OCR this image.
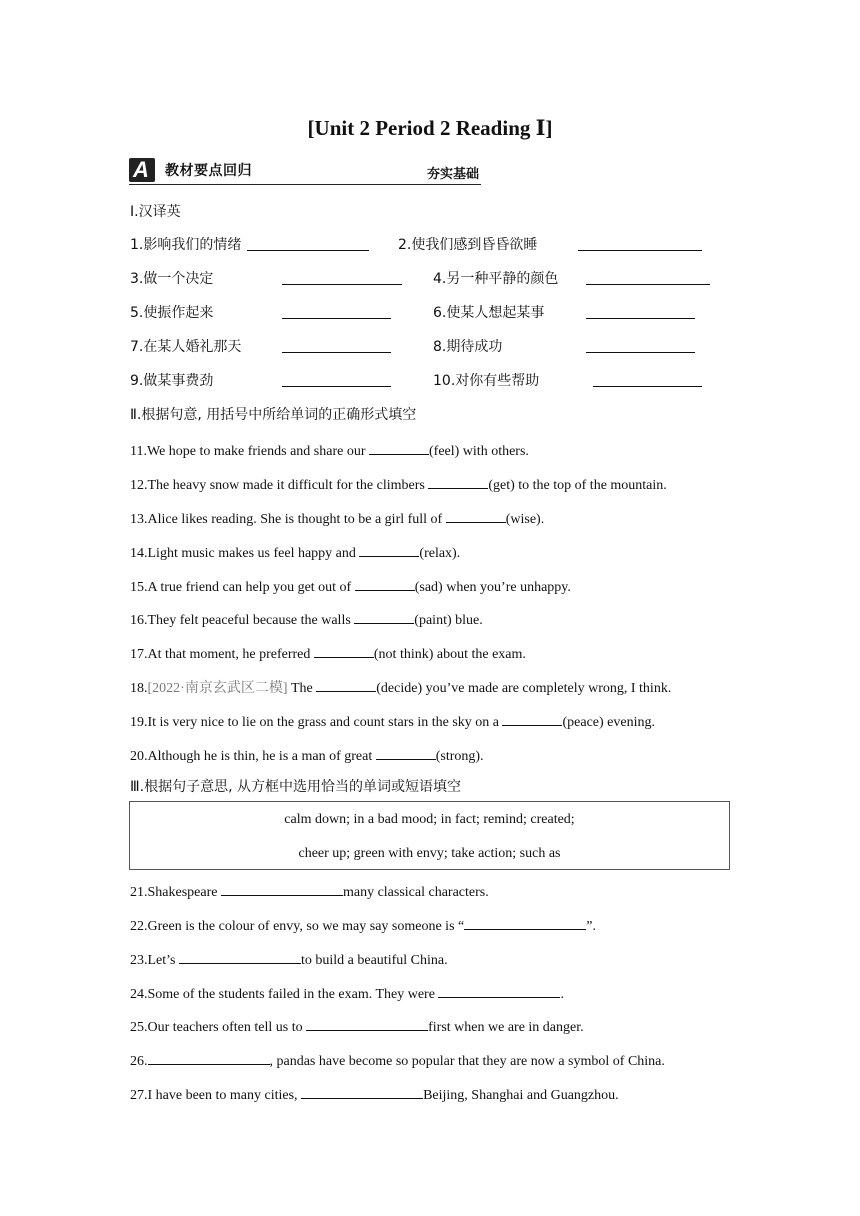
[Unit 2 Period 2 Reading Ⅰ]
A 教材要点回归	夯实基础
Ⅰ.汉译英
1.影响我们的情绪	2.使我们感到昏昏欲睡
3.做一个决定	4.另一种平静的颜色
5.使振作起来	6.使某人想起某事
7.在某人婚礼那天	8.期待成功
9.做某事费劲	10.对你有些帮助
Ⅱ.根据句意, 用括号中所给单词的正确形式填空
11.We hope to make friends and share our	(feel) with others.
12.The heavy snow made it difficult for the climbers	(get) to the top of the mountain.
13.Alice likes reading. She is thought to be a girl full of	(wise).
14.Light music makes us feel happy and	(relax).
15.A true friend can help you get out of	(sad) when you’re unhappy.
16.They felt peaceful because the walls	(paint) blue.
17.At that moment, he preferred	(not think) about the exam.
18.[2022·南京玄武区二模] The	(decide) you’ve made are completely wrong, I think.
19.It is very nice to lie on the grass and count stars in the sky on a	(peace) evening.
20.Although he is thin, he is a man of great	(strong).
Ⅲ.根据句子意思, 从方框中选用恰当的单词或短语填空
calm down; in a bad mood; in fact; remind; created;
cheer up; green with envy; take action; such as
21.Shakespeare	many classical characters.
22.Green is the colour of envy, so we may say someone is “	”.
23.Let’s	to build a beautiful China.
24.Some of the students failed in the exam. They were	.
25.Our teachers often tell us to	first when we are in danger.
26.	, pandas have become so popular that they are now a symbol of China.
27.I have been to many cities,	Beijing, Shanghai and Guangzhou.
